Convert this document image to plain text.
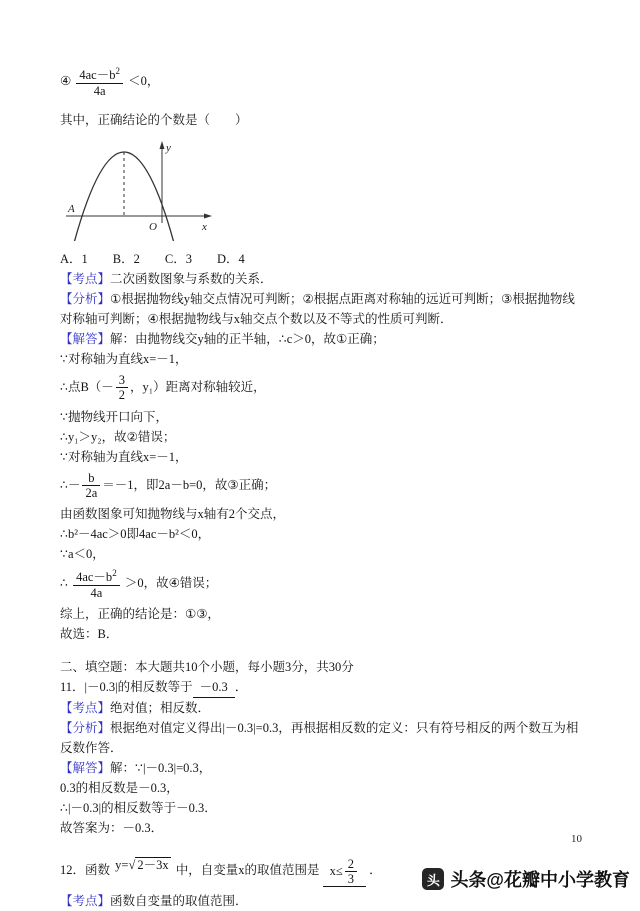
④ $\frac{4ac-b^2}{4a} <0$，

其中，正确结论的个数是（　　）

y
x
O
A

A．1　　B．2　　C．3　　D．4

【考点】二次函数图象与系数的关系．

【分析】①根据抛物线y轴交点情况可判断；②根据点距离对称轴的远近可判断；③根据抛物线对称轴可判断；④根据抛物线与x轴交点个数以及不等式的性质可判断．

【解答】解：由抛物线交y轴的正半轴，∴c＞0，故①正确；

∵对称轴为直线x=－1，

∴点$B(- \frac{3}{2}$ ，y₁）距离对称轴较近，

∵抛物线开口向下，

∴y₁＞y₂，故②错误；

∵对称轴为直线x=－1，

∴－ $\frac{b}{2a} =-1$，即2a－b=0，故③正确；

由函数图象可知抛物线与x轴有2个交点，

∴b²－4ac＞0即4ac－b²＜0，

∵a＜0，

∴ $\frac{4ac-b^2}{4a} >0$，故④错误；

综上，正确的结论是：①③，

故选：B．

二、填空题：本大题共10个小题，每小题3分，共30分

11．|－0.3|的相反数等于 －0.3 ．

【考点】绝对值；相反数．

【分析】根据绝对值定义得出|－0.3|=0.3，再根据相反数的定义：只有符号相反的两个数互为相反数作答．

【解答】解：∵|－0.3|=0.3，

0.3的相反数是－0.3，

∴|－0.3|的相反数等于－0.3．

故答案为：－0.3．

12．函数 y=√ 2－3x 中，自变量x的取值范围是 $x\le \frac{2}{3}$ ．

【考点】函数自变量的取值范围．

10
头 头条@花瓣中小学教育
